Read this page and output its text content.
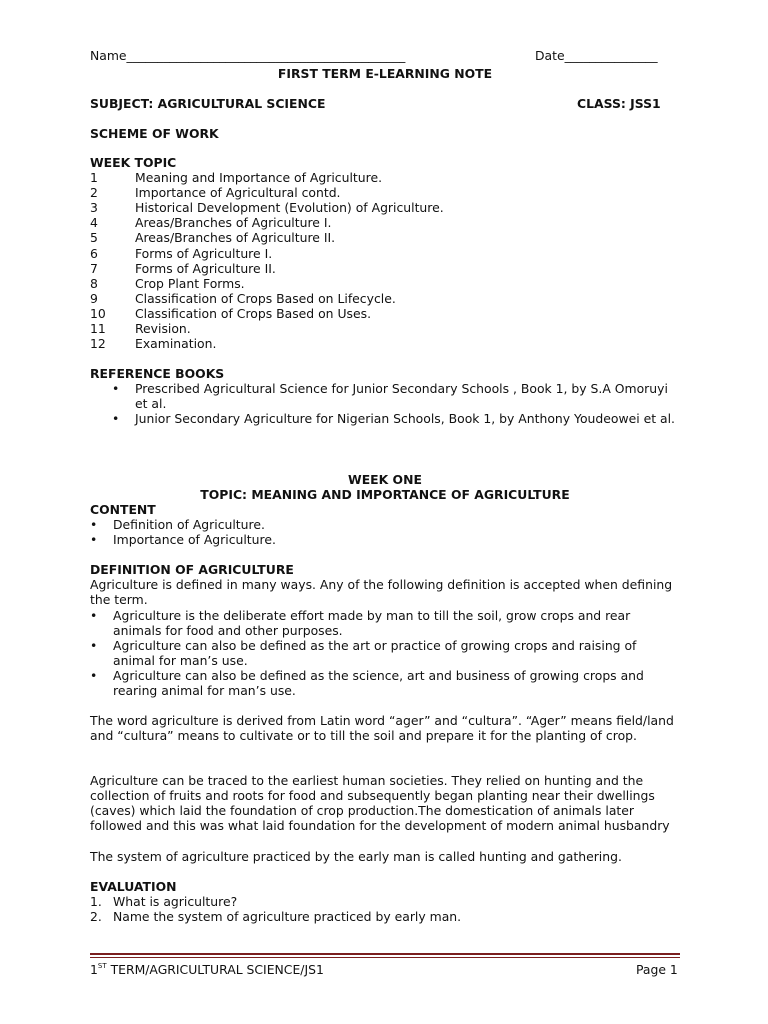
Name_____________________________________________	Date_______________
FIRST TERM E-LEARNING NOTE
SUBJECT: AGRICULTURAL SCIENCE	CLASS: JSS1
SCHEME OF WORK
WEEK TOPIC
1	Meaning and Importance of Agriculture.
2	Importance of Agricultural contd.
3	Historical Development (Evolution) of Agriculture.
4	Areas/Branches of Agriculture I.
5	Areas/Branches of Agriculture II.
6	Forms of Agriculture I.
7	Forms of Agriculture II.
8	Crop Plant Forms.
9	Classification of Crops Based on Lifecycle.
10 Classification of Crops Based on Uses.
11 Revision.
12 Examination.
REFERENCE BOOKS
•	Prescribed Agricultural Science for Junior Secondary Schools , Book 1, by S.A Omoruyi et al.
•	Junior Secondary Agriculture for Nigerian Schools, Book 1, by Anthony Youdeowei et al.
WEEK ONE
TOPIC: MEANING AND IMPORTANCE OF AGRICULTURE
CONTENT
•	Definition of Agriculture.
•	Importance of Agriculture.
DEFINITION OF AGRICULTURE
Agriculture is defined in many ways. Any of the following definition is accepted when defining the term.
•	Agriculture is the deliberate effort made by man to till the soil, grow crops and rear animals for food and other purposes.
•	Agriculture can also be defined as the art or practice of growing crops and raising of animal for man’s use.
•	Agriculture can also be defined as the science, art and business of growing crops and rearing animal for man’s use.
The word agriculture is derived from Latin word “ager” and “cultura”. “Ager” means field/land and “cultura” means to cultivate or to till the soil and prepare it for the planting of crop.
Agriculture can be traced to the earliest human societies. They relied on hunting and the collection of fruits and roots for food and subsequently began planting near their dwellings (caves) which laid the foundation of crop production.The domestication of animals later followed and this was what laid foundation for the development of modern animal husbandry
The system of agriculture practiced by the early man is called hunting and gathering.
EVALUATION
1. What is agriculture?
2. Name the system of agriculture practiced by early man.
1ST TERM/AGRICULTURAL SCIENCE/JS1	Page 1
